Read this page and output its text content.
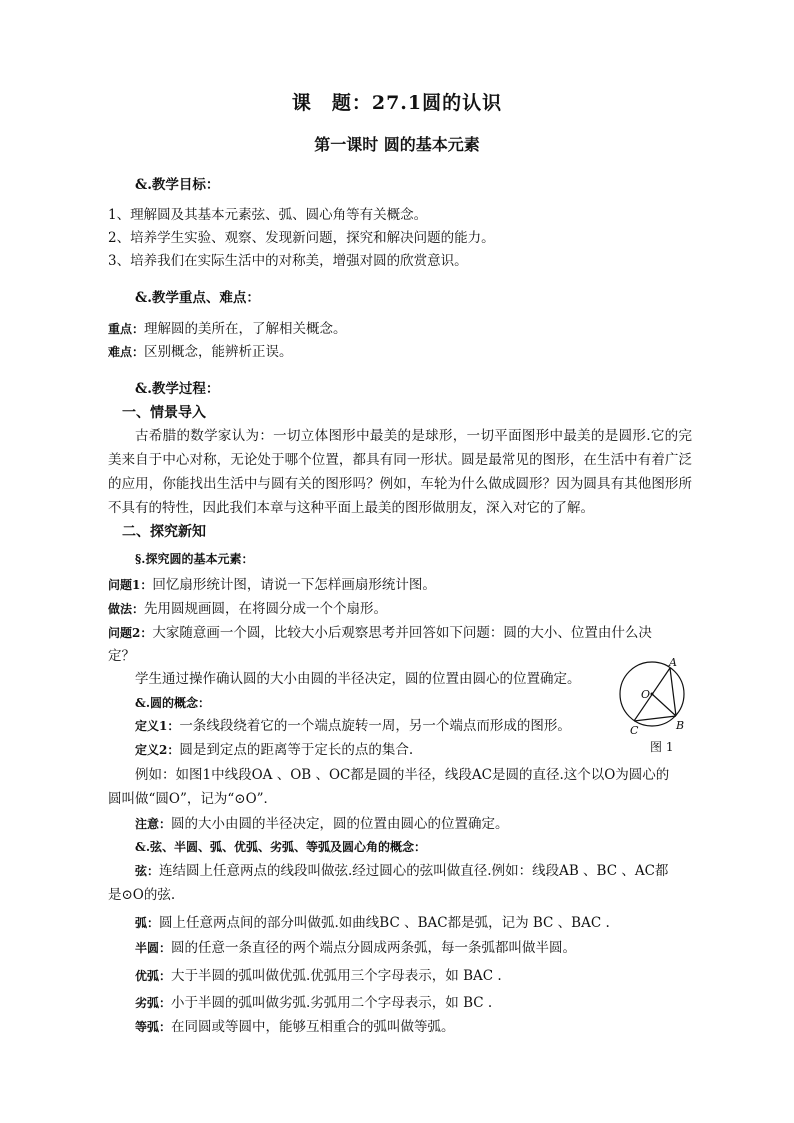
课　题：27.1圆的认识
第一课时 圆的基本元素
&.教学目标：
1、理解圆及其基本元素弦、弧、圆心角等有关概念。
2、培养学生实验、观察、发现新问题，探究和解决问题的能力。
3、培养我们在实际生活中的对称美，增强对圆的欣赏意识。
&.教学重点、难点：
重点：理解圆的美所在，了解相关概念。
难点：区别概念，能辨析正误。
&.教学过程：
一、情景导入
古希腊的数学家认为：一切立体图形中最美的是球形，一切平面图形中最美的是圆形.它的完美来自于中心对称，无论处于哪个位置，都具有同一形状。圆是最常见的图形，在生活中有着广泛的应用，你能找出生活中与圆有关的图形吗？例如，车轮为什么做成圆形？因为圆具有其他图形所不具有的特性，因此我们本章与这种平面上最美的图形做朋友，深入对它的了解。
二、探究新知
§.探究圆的基本元素：
问题1：回忆扇形统计图，请说一下怎样画扇形统计图。
做法：先用圆规画圆，在将圆分成一个个扇形。
问题2：大家随意画一个圆，比较大小后观察思考并回答如下问题：圆的大小、位置由什么决
定？
学生通过操作确认圆的大小由圆的半径决定，圆的位置由圆心的位置确定。
&.圆的概念：
定义1：一条线段绕着它的一个端点旋转一周，另一个端点而形成的图形。
定义2：圆是到定点的距离等于定长的点的集合.
例如：如图1中线段OA 、OB 、OC都是圆的半径，线段AC是圆的直径.这个以O为圆心的
圆叫做“圆O”，记为“⊙O”．
注意：圆的大小由圆的半径决定，圆的位置由圆心的位置确定。
&.弦、半圆、弧、优弧、劣弧、等弧及圆心角的概念：
弦：连结圆上任意两点的线段叫做弦.经过圆心的弦叫做直径.例如：线段AB 、BC 、AC都
是⊙O的弦.
弧：圆上任意两点间的部分叫做弧.如曲线BC 、BAC都是弧，记为 BC 、BAC .
半圆：圆的任意一条直径的两个端点分圆成两条弧，每一条弧都叫做半圆。
优弧：大于半圆的弧叫做优弧.优弧用三个字母表示，如 BAC .
劣弧：小于半圆的弧叫做劣弧.劣弧用二个字母表示，如 BC .
等弧：在同圆或等圆中，能够互相重合的弧叫做等弧。
A
O
B
C
图 1
